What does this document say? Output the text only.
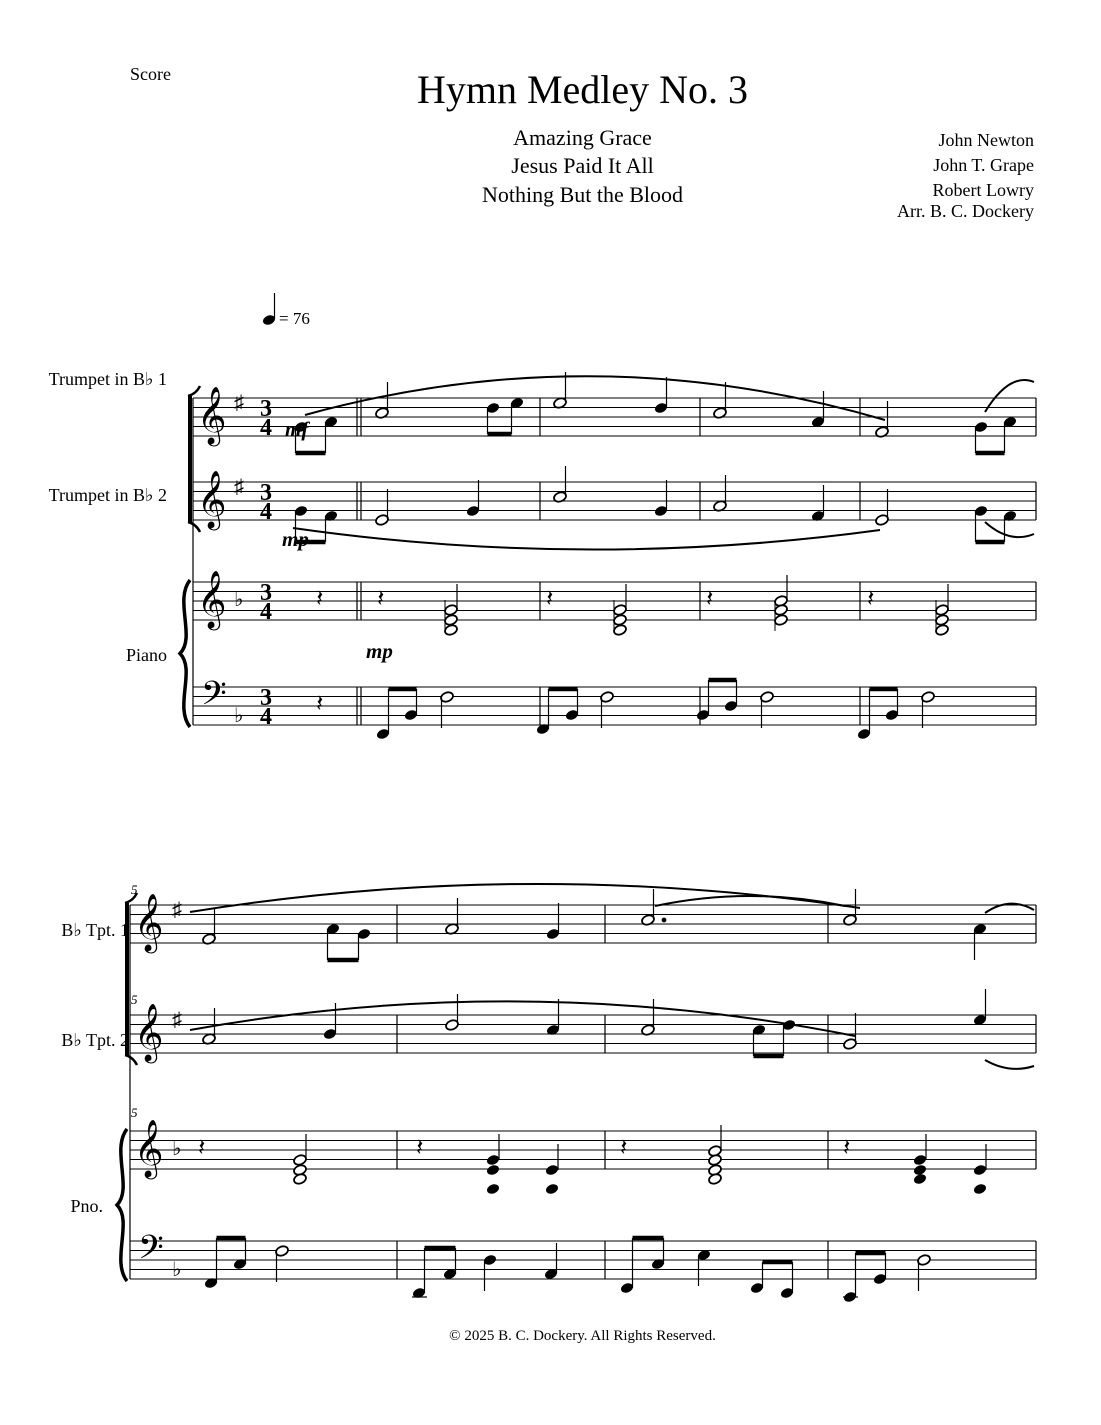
Score	Hymn Medley No. 3
Amazing Grace
Jesus Paid It All
Nothing But the Blood
John Newton
John T. Grape
Robert Lowry
Arr. B. C. Dockery
Trumpet in B♭ 1
Trumpet in B♭ 2
Piano
B♭ Tpt. 1
B♭ Tpt. 2
Pno.
© 2025 B. C. Dockery. All Rights Reserved.
𝄞 ♯ 3
4
𝄞 ♯ 3
4
𝄞 ♭ 3
4
𝄢 ♭
3
4
= 76
mf
mp
𝄽 𝄽	𝄽	𝄽	𝄽
mp
𝄽
𝄞 ♯
𝄞 ♯
𝄞 ♭
𝄢 ♭
5
5
5
𝄽	𝄽	𝄽	𝄽
